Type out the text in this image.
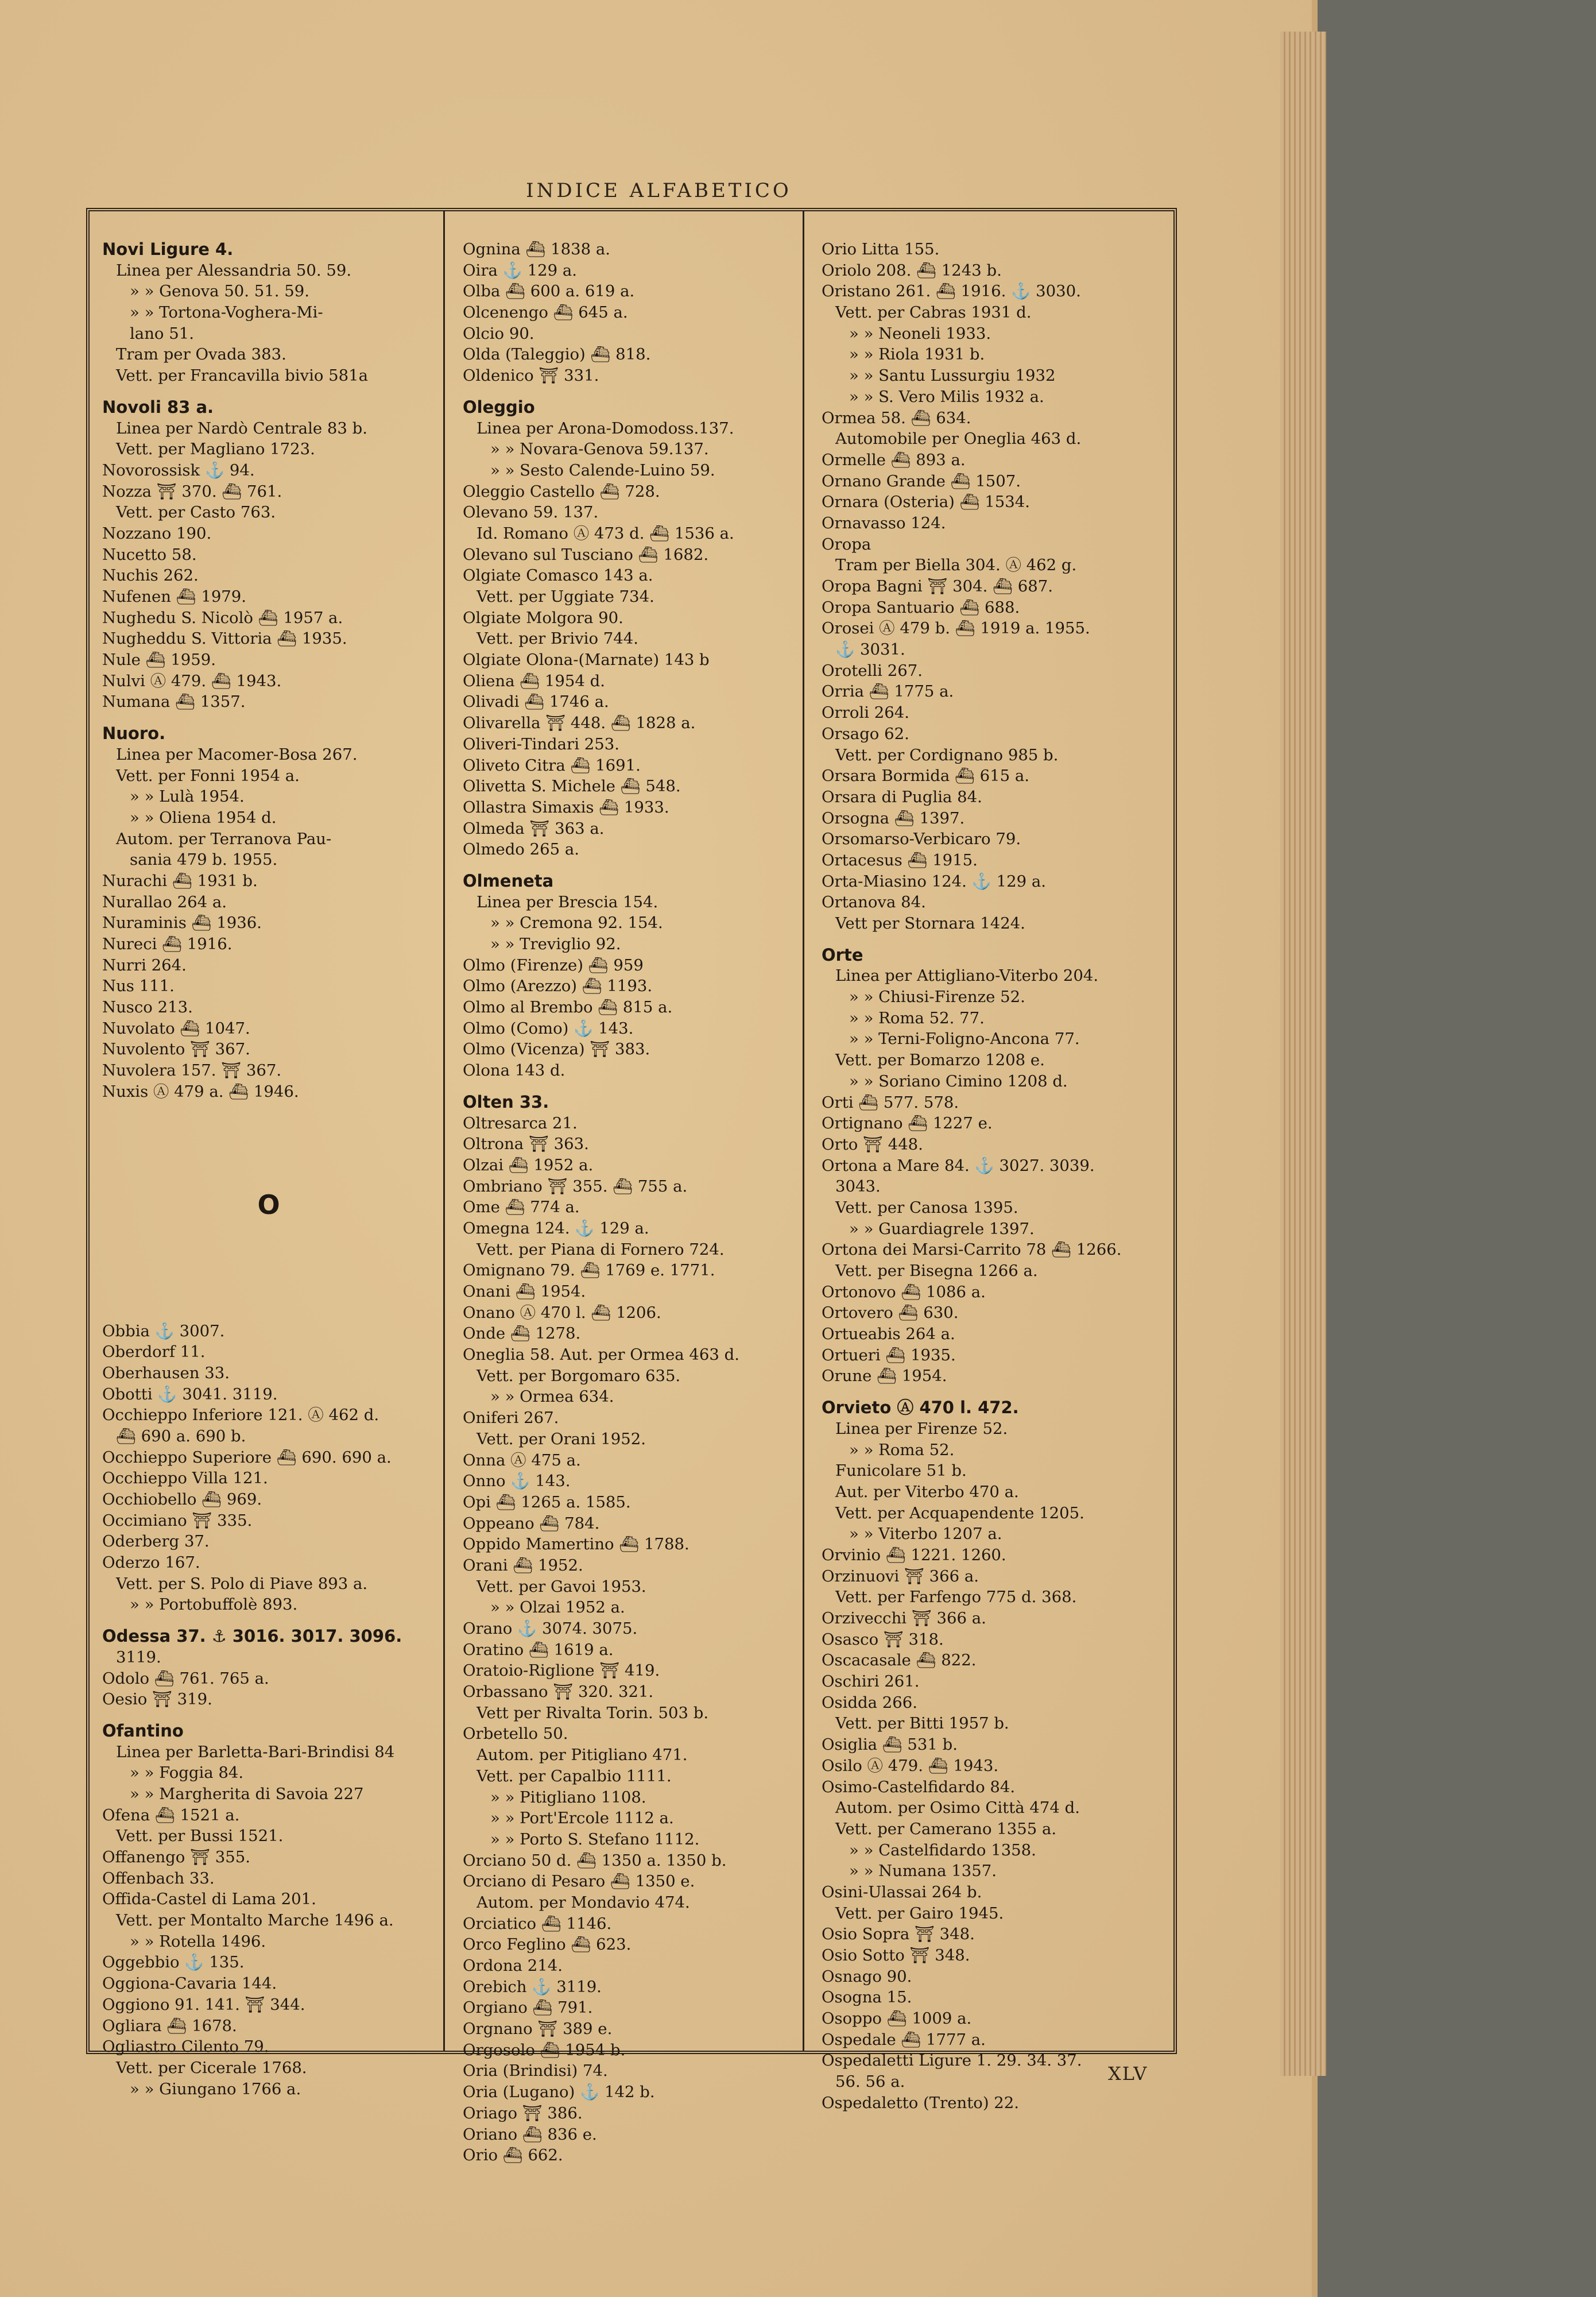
INDICE ALFABETICO
Novi Ligure 4.
Linea per Alessandria 50. 59.
» » Genova 50. 51. 59.
» » Tortona-Voghera-Mi-
lano 51.
Tram per Ovada 383.
Vett. per Francavilla bivio 581a
Novoli 83 a.
Linea per Nardò Centrale 83 b.
Vett. per Magliano 1723.
Novorossisk ⚓ 94.
Nozza ⛩ 370. ⛴ 761.
Vett. per Casto 763.
Nozzano 190.
Nucetto 58.
Nuchis 262.
Nufenen ⛴ 1979.
Nughedu S. Nicolò ⛴ 1957 a.
Nugheddu S. Vittoria ⛴ 1935.
Nule ⛴ 1959.
Nulvi Ⓐ 479. ⛴ 1943.
Numana ⛴ 1357.
Nuoro.
Linea per Macomer-Bosa 267.
Vett. per Fonni 1954 a.
» » Lulà 1954.
» » Oliena 1954 d.
Autom. per Terranova Pau-
sania 479 b. 1955.
Nurachi ⛴ 1931 b.
Nurallao 264 a.
Nuraminis ⛴ 1936.
Nureci ⛴ 1916.
Nurri 264.
Nus 111.
Nusco 213.
Nuvolato ⛴ 1047.
Nuvolento ⛩ 367.
Nuvolera 157. ⛩ 367.
Nuxis Ⓐ 479 a. ⛴ 1946.
O
Obbia ⚓ 3007.
Oberdorf 11.
Oberhausen 33.
Obotti ⚓ 3041. 3119.
Occhieppo Inferiore 121. Ⓐ 462 d.
⛴ 690 a. 690 b.
Occhieppo Superiore ⛴ 690. 690 a.
Occhieppo Villa 121.
Occhiobello ⛴ 969.
Occimiano ⛩ 335.
Oderberg 37.
Oderzo 167.
Vett. per S. Polo di Piave 893 a.
» » Portobuffolè 893.
Odessa 37. ⚓ 3016. 3017. 3096.
3119.
Odolo ⛴ 761. 765 a.
Oesio ⛩ 319.
Ofantino
Linea per Barletta-Bari-Brindisi 84
» » Foggia 84.
» » Margherita di Savoia 227
Ofena ⛴ 1521 a.
Vett. per Bussi 1521.
Offanengo ⛩ 355.
Offenbach 33.
Offida-Castel di Lama 201.
Vett. per Montalto Marche 1496 a.
» » Rotella 1496.
Oggebbio ⚓ 135.
Oggiona-Cavaria 144.
Oggiono 91. 141. ⛩ 344.
Ogliara ⛴ 1678.
Ogliastro Cilento 79.
Vett. per Cicerale 1768.
» » Giungano 1766 a.
Ognina ⛴ 1838 a.
Oira ⚓ 129 a.
Olba ⛴ 600 a. 619 a.
Olcenengo ⛴ 645 a.
Olcio 90.
Olda (Taleggio) ⛴ 818.
Oldenico ⛩ 331.
Oleggio
Linea per Arona-Domodoss.137.
» » Novara-Genova 59.137.
» » Sesto Calende-Luino 59.
Oleggio Castello ⛴ 728.
Olevano 59. 137.
Id. Romano Ⓐ 473 d. ⛴ 1536 a.
Olevano sul Tusciano ⛴ 1682.
Olgiate Comasco 143 a.
Vett. per Uggiate 734.
Olgiate Molgora 90.
Vett. per Brivio 744.
Olgiate Olona-(Marnate) 143 b
Oliena ⛴ 1954 d.
Olivadi ⛴ 1746 a.
Olivarella ⛩ 448. ⛴ 1828 a.
Oliveri-Tindari 253.
Oliveto Citra ⛴ 1691.
Olivetta S. Michele ⛴ 548.
Ollastra Simaxis ⛴ 1933.
Olmeda ⛩ 363 a.
Olmedo 265 a.
Olmeneta
Linea per Brescia 154.
» » Cremona 92. 154.
» » Treviglio 92.
Olmo (Firenze) ⛴ 959
Olmo (Arezzo) ⛴ 1193.
Olmo al Brembo ⛴ 815 a.
Olmo (Como) ⚓ 143.
Olmo (Vicenza) ⛩ 383.
Olona 143 d.
Olten 33.
Oltresarca 21.
Oltrona ⛩ 363.
Olzai ⛴ 1952 a.
Ombriano ⛩ 355. ⛴ 755 a.
Ome ⛴ 774 a.
Omegna 124. ⚓ 129 a.
Vett. per Piana di Fornero 724.
Omignano 79. ⛴ 1769 e. 1771.
Onani ⛴ 1954.
Onano Ⓐ 470 l. ⛴ 1206.
Onde ⛴ 1278.
Oneglia 58. Aut. per Ormea 463 d.
Vett. per Borgomaro 635.
» » Ormea 634.
Oniferi 267.
Vett. per Orani 1952.
Onna Ⓐ 475 a.
Onno ⚓ 143.
Opi ⛴ 1265 a. 1585.
Oppeano ⛴ 784.
Oppido Mamertino ⛴ 1788.
Orani ⛴ 1952.
Vett. per Gavoi 1953.
» » Olzai 1952 a.
Orano ⚓ 3074. 3075.
Oratino ⛴ 1619 a.
Oratoio-Riglione ⛩ 419.
Orbassano ⛩ 320. 321.
Vett per Rivalta Torin. 503 b.
Orbetello 50.
Autom. per Pitigliano 471.
Vett. per Capalbio 1111.
» » Pitigliano 1108.
» » Port'Ercole 1112 a.
» » Porto S. Stefano 1112.
Orciano 50 d. ⛴ 1350 a. 1350 b.
Orciano di Pesaro ⛴ 1350 e.
Autom. per Mondavio 474.
Orciatico ⛴ 1146.
Orco Feglino ⛴ 623.
Ordona 214.
Orebich ⚓ 3119.
Orgiano ⛴ 791.
Orgnano ⛩ 389 e.
Orgosolo ⛴ 1954 b.
Oria (Brindisi) 74.
Oria (Lugano) ⚓ 142 b.
Oriago ⛩ 386.
Oriano ⛴ 836 e.
Orio ⛴ 662.
Orio Litta 155.
Oriolo 208. ⛴ 1243 b.
Oristano 261. ⛴ 1916. ⚓ 3030.
Vett. per Cabras 1931 d.
» » Neoneli 1933.
» » Riola 1931 b.
» » Santu Lussurgiu 1932
» » S. Vero Milis 1932 a.
Ormea 58. ⛴ 634.
Automobile per Oneglia 463 d.
Ormelle ⛴ 893 a.
Ornano Grande ⛴ 1507.
Ornara (Osteria) ⛴ 1534.
Ornavasso 124.
Oropa
Tram per Biella 304. Ⓐ 462 g.
Oropa Bagni ⛩ 304. ⛴ 687.
Oropa Santuario ⛴ 688.
Orosei Ⓐ 479 b. ⛴ 1919 a. 1955.
⚓ 3031.
Orotelli 267.
Orria ⛴ 1775 a.
Orroli 264.
Orsago 62.
Vett. per Cordignano 985 b.
Orsara Bormida ⛴ 615 a.
Orsara di Puglia 84.
Orsogna ⛴ 1397.
Orsomarso-Verbicaro 79.
Ortacesus ⛴ 1915.
Orta-Miasino 124. ⚓ 129 a.
Ortanova 84.
Vett per Stornara 1424.
Orte
Linea per Attigliano-Viterbo 204.
» » Chiusi-Firenze 52.
» » Roma 52. 77.
» » Terni-Foligno-Ancona 77.
Vett. per Bomarzo 1208 e.
» » Soriano Cimino 1208 d.
Orti ⛴ 577. 578.
Ortignano ⛴ 1227 e.
Orto ⛩ 448.
Ortona a Mare 84. ⚓ 3027. 3039.
3043.
Vett. per Canosa 1395.
» » Guardiagrele 1397.
Ortona dei Marsi-Carrito 78 ⛴ 1266.
Vett. per Bisegna 1266 a.
Ortonovo ⛴ 1086 a.
Ortovero ⛴ 630.
Ortueabis 264 a.
Ortueri ⛴ 1935.
Orune ⛴ 1954.
Orvieto Ⓐ 470 l. 472.
Linea per Firenze 52.
» » Roma 52.
Funicolare 51 b.
Aut. per Viterbo 470 a.
Vett. per Acquapendente 1205.
» » Viterbo 1207 a.
Orvinio ⛴ 1221. 1260.
Orzinuovi ⛩ 366 a.
Vett. per Farfengo 775 d. 368.
Orzivecchi ⛩ 366 a.
Osasco ⛩ 318.
Oscacasale ⛴ 822.
Oschiri 261.
Osidda 266.
Vett. per Bitti 1957 b.
Osiglia ⛴ 531 b.
Osilo Ⓐ 479. ⛴ 1943.
Osimo-Castelfidardo 84.
Autom. per Osimo Città 474 d.
Vett. per Camerano 1355 a.
» » Castelfidardo 1358.
» » Numana 1357.
Osini-Ulassai 264 b.
Vett. per Gairo 1945.
Osio Sopra ⛩ 348.
Osio Sotto ⛩ 348.
Osnago 90.
Osogna 15.
Osoppo ⛴ 1009 a.
Ospedale ⛴ 1777 a.
Ospedaletti Ligure 1. 29. 34. 37.
56. 56 a.
Ospedaletto (Trento) 22.
XLV
